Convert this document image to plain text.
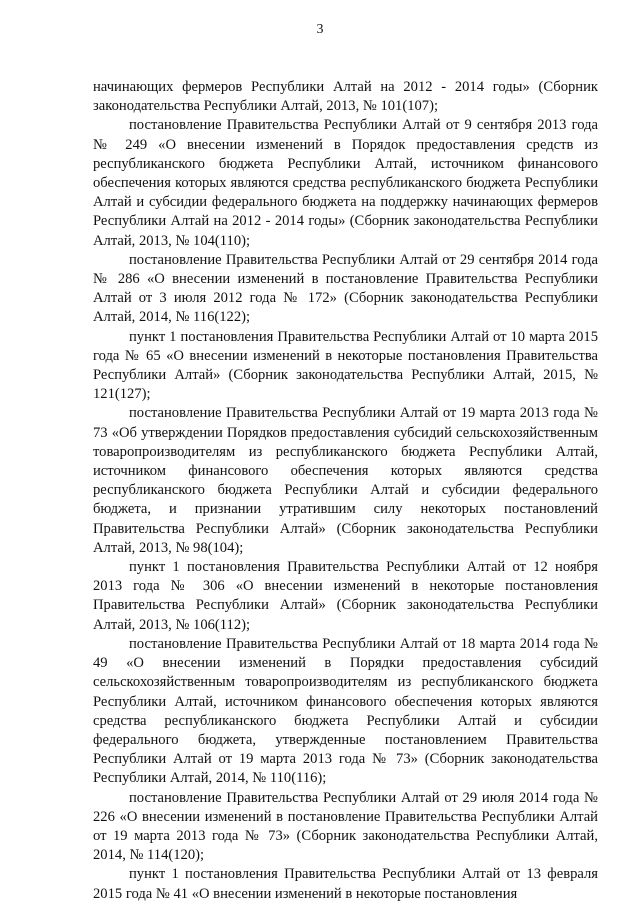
3

начинающих фермеров Республики Алтай на 2012 - 2014 годы» (Сборник законодательства Республики Алтай, 2013, № 101(107);

постановление Правительства Республики Алтай от 9 сентября 2013 года № 249 «О внесении изменений в Порядок предоставления средств из республиканского бюджета Республики Алтай, источником финансового обеспечения которых являются средства республиканского бюджета Республики Алтай и субсидии федерального бюджета на поддержку начинающих фермеров Республики Алтай на 2012 - 2014 годы» (Сборник законодательства Республики Алтай, 2013, № 104(110);

постановление Правительства Республики Алтай от 29 сентября 2014 года № 286 «О внесении изменений в постановление Правительства Республики Алтай от 3 июля 2012 года № 172» (Сборник законодательства Республики Алтай, 2014, № 116(122);

пункт 1 постановления Правительства Республики Алтай от 10 марта 2015 года № 65 «О внесении изменений в некоторые постановления Правительства Республики Алтай» (Сборник законодательства Республики Алтай, 2015, № 121(127);

постановление Правительства Республики Алтай от 19 марта 2013 года № 73 «Об утверждении Порядков предоставления субсидий сельскохозяйственным товаропроизводителям из республиканского бюджета Республики Алтай, источником финансового обеспечения которых являются средства республиканского бюджета Республики Алтай и субсидии федерального бюджета, и признании утратившим силу некоторых постановлений Правительства Республики Алтай» (Сборник законодательства Республики Алтай, 2013, № 98(104);

пункт 1 постановления Правительства Республики Алтай от 12 ноября 2013 года № 306 «О внесении изменений в некоторые постановления Правительства Республики Алтай» (Сборник законодательства Республики Алтай, 2013, № 106(112);

постановление Правительства Республики Алтай от 18 марта 2014 года № 49 «О внесении изменений в Порядки предоставления субсидий сельскохозяйственным товаропроизводителям из республиканского бюджета Республики Алтай, источником финансового обеспечения которых являются средства республиканского бюджета Республики Алтай и субсидии федерального бюджета, утвержденные постановлением Правительства Республики Алтай от 19 марта 2013 года № 73» (Сборник законодательства Республики Алтай, 2014, № 110(116);

постановление Правительства Республики Алтай от 29 июля 2014 года № 226 «О внесении изменений в постановление Правительства Республики Алтай от 19 марта 2013 года № 73» (Сборник законодательства Республики Алтай, 2014, № 114(120);

пункт 1 постановления Правительства Республики Алтай от 13 февраля 2015 года № 41 «О внесении изменений в некоторые постановления
